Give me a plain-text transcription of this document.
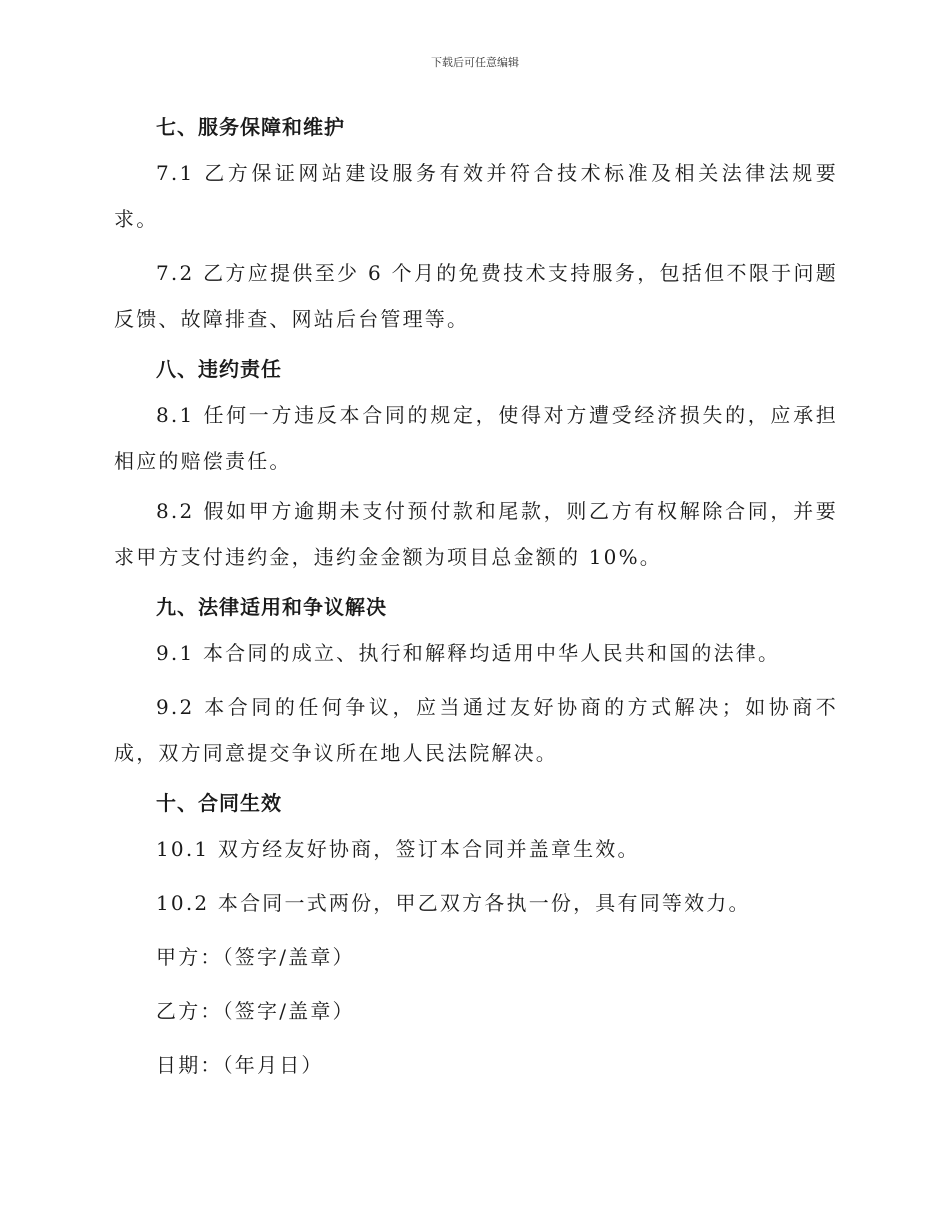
下载后可任意编辑

七、服务保障和维护

7.1 乙方保证网站建设服务有效并符合技术标准及相关法律法规要求。

7.2 乙方应提供至少 6 个月的免费技术支持服务，包括但不限于问题反馈、故障排查、网站后台管理等。

八、违约责任

8.1 任何一方违反本合同的规定，使得对方遭受经济损失的，应承担相应的赔偿责任。

8.2 假如甲方逾期未支付预付款和尾款，则乙方有权解除合同，并要求甲方支付违约金，违约金金额为项目总金额的 10%。

九、法律适用和争议解决

9.1 本合同的成立、执行和解释均适用中华人民共和国的法律。

9.2 本合同的任何争议，应当通过友好协商的方式解决；如协商不成，双方同意提交争议所在地人民法院解决。

十、合同生效

10.1 双方经友好协商，签订本合同并盖章生效。

10.2 本合同一式两份，甲乙双方各执一份，具有同等效力。

甲方：（签字/盖章）

乙方：（签字/盖章）

日期：（年月日）
